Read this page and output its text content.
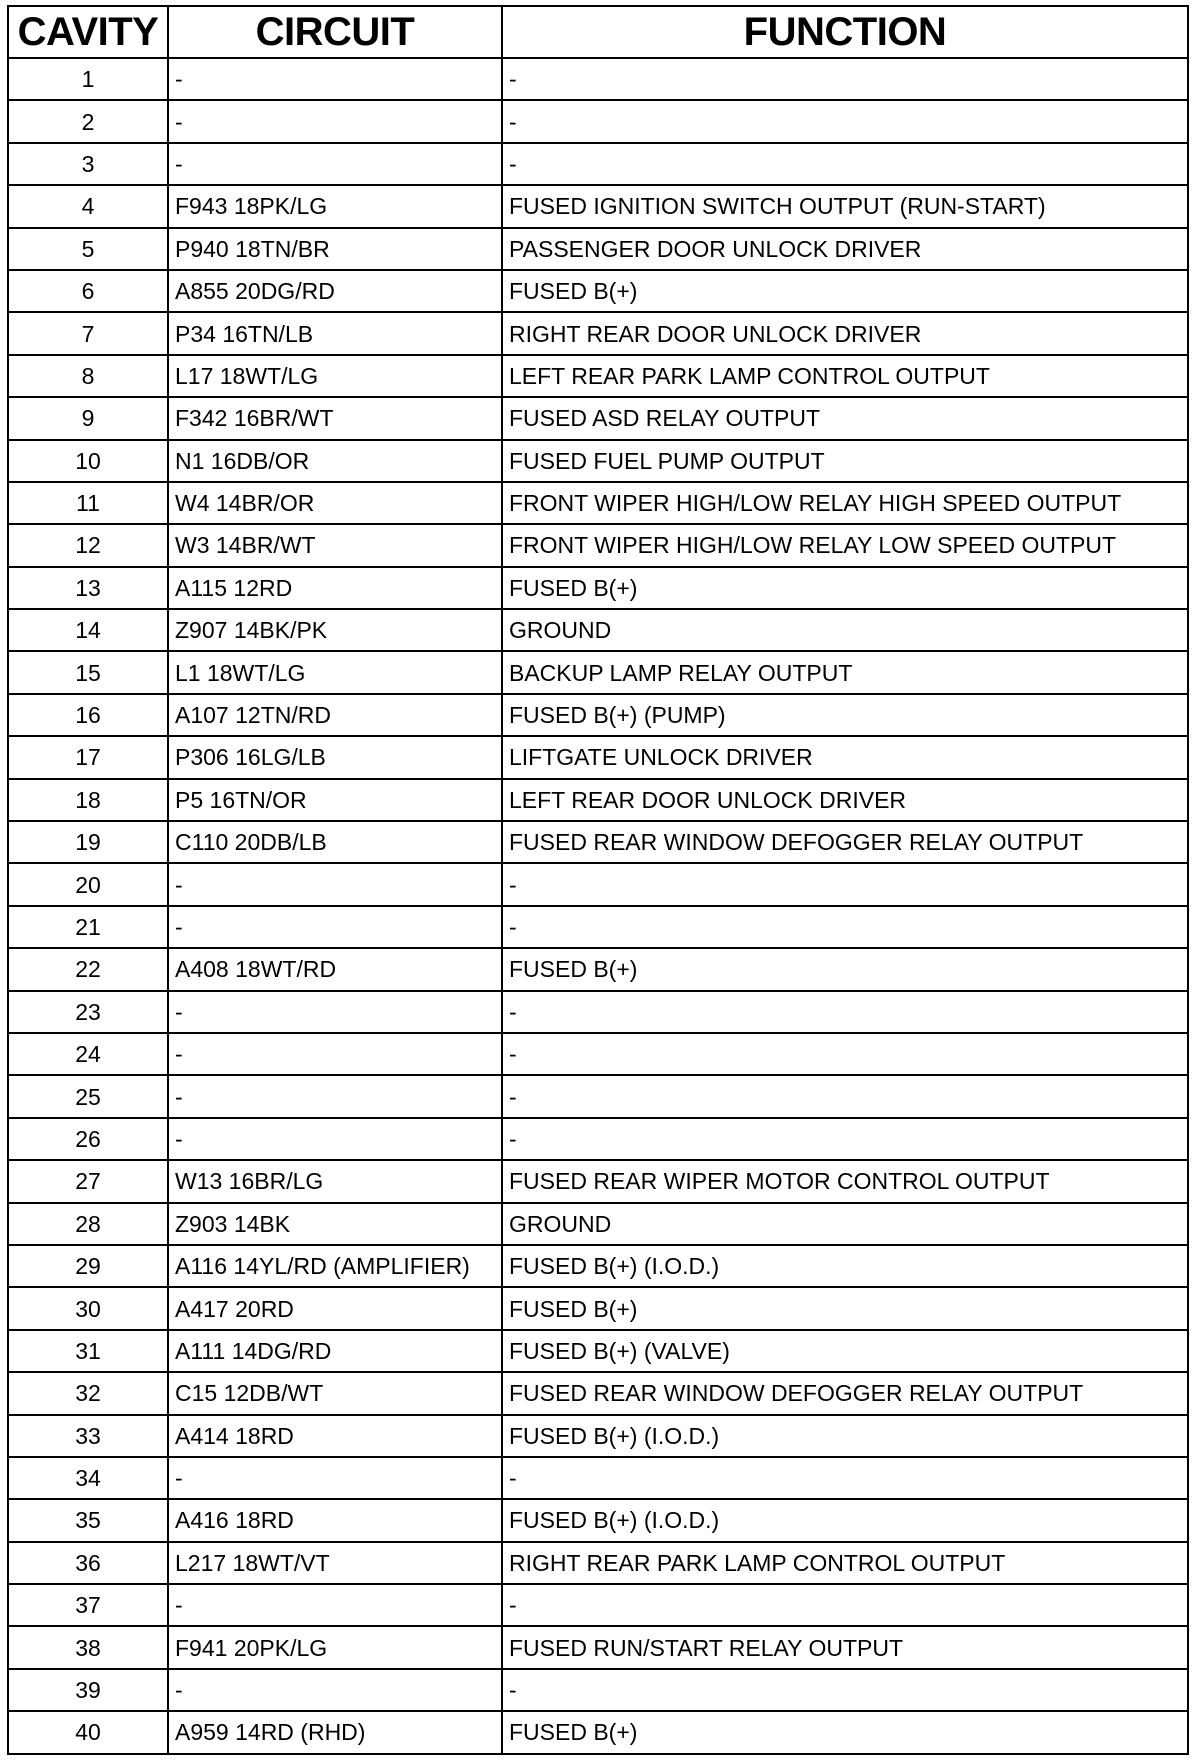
CAVITY	CIRCUIT	FUNCTION
1	-	-
2	-	-
3	-	-
4	F943 18PK/LG	FUSED IGNITION SWITCH OUTPUT (RUN-START)
5	P940 18TN/BR	PASSENGER DOOR UNLOCK DRIVER
6	A855 20DG/RD	FUSED B(+)
7	P34 16TN/LB	RIGHT REAR DOOR UNLOCK DRIVER
8	L17 18WT/LG	LEFT REAR PARK LAMP CONTROL OUTPUT
9	F342 16BR/WT	FUSED ASD RELAY OUTPUT
10	N1 16DB/OR	FUSED FUEL PUMP OUTPUT
11	W4 14BR/OR	FRONT WIPER HIGH/LOW RELAY HIGH SPEED OUTPUT
12	W3 14BR/WT	FRONT WIPER HIGH/LOW RELAY LOW SPEED OUTPUT
13	A115 12RD	FUSED B(+)
14	Z907 14BK/PK	GROUND
15	L1 18WT/LG	BACKUP LAMP RELAY OUTPUT
16	A107 12TN/RD	FUSED B(+) (PUMP)
17	P306 16LG/LB	LIFTGATE UNLOCK DRIVER
18	P5 16TN/OR	LEFT REAR DOOR UNLOCK DRIVER
19	C110 20DB/LB	FUSED REAR WINDOW DEFOGGER RELAY OUTPUT
20	-	-
21	-	-
22	A408 18WT/RD	FUSED B(+)
23	-	-
24	-	-
25	-	-
26	-	-
27	W13 16BR/LG	FUSED REAR WIPER MOTOR CONTROL OUTPUT
28	Z903 14BK	GROUND
29	A116 14YL/RD (AMPLIFIER)	FUSED B(+) (I.O.D.)
30	A417 20RD	FUSED B(+)
31	A111 14DG/RD	FUSED B(+) (VALVE)
32	C15 12DB/WT	FUSED REAR WINDOW DEFOGGER RELAY OUTPUT
33	A414 18RD	FUSED B(+) (I.O.D.)
34	-	-
35	A416 18RD	FUSED B(+) (I.O.D.)
36	L217 18WT/VT	RIGHT REAR PARK LAMP CONTROL OUTPUT
37	-	-
38	F941 20PK/LG	FUSED RUN/START RELAY OUTPUT
39	-	-
40	A959 14RD (RHD)	FUSED B(+)
